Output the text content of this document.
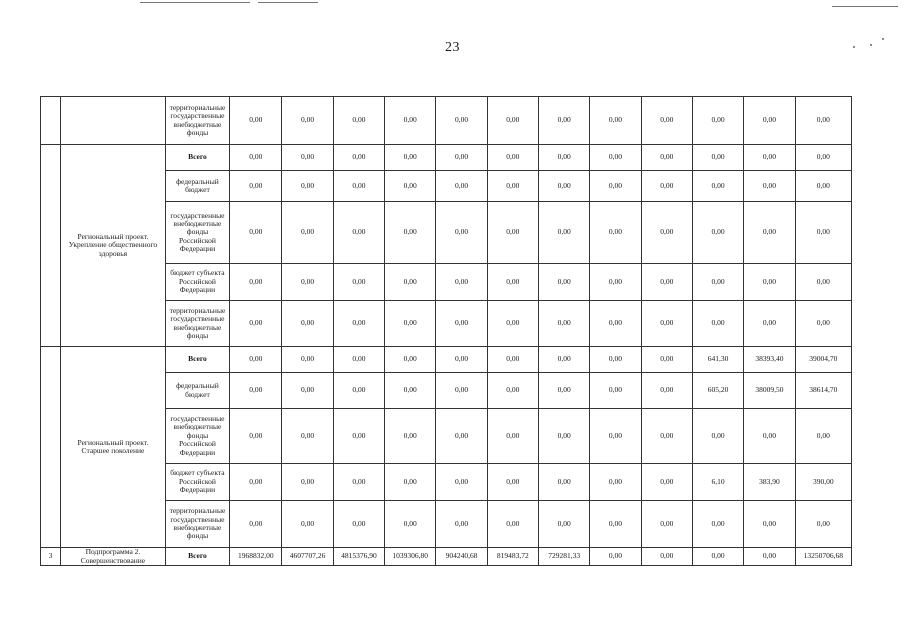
23
		территориальные государственные внебюджетные фонды	0,00	0,00	0,00	0,00	0,00	0,00	0,00	0,00	0,00	0,00	0,00	0,00
	Региональный проект. Укрепление общественного здоровья	Всего	0,00	0,00	0,00	0,00	0,00	0,00	0,00	0,00	0,00	0,00	0,00	0,00
		федеральный бюджет	0,00	0,00	0,00	0,00	0,00	0,00	0,00	0,00	0,00	0,00	0,00	0,00
		государственные внебюджетные фонды Российской Федерации	0,00	0,00	0,00	0,00	0,00	0,00	0,00	0,00	0,00	0,00	0,00	0,00
		бюджет субъекта Российской Федерации	0,00	0,00	0,00	0,00	0,00	0,00	0,00	0,00	0,00	0,00	0,00	0,00
		территориальные государственные внебюджетные фонды	0,00	0,00	0,00	0,00	0,00	0,00	0,00	0,00	0,00	0,00	0,00	0,00
	Региональный проект. Старшее поколение	Всего	0,00	0,00	0,00	0,00	0,00	0,00	0,00	0,00	0,00	641,30	38393,40	39004,70
		федеральный бюджет	0,00	0,00	0,00	0,00	0,00	0,00	0,00	0,00	0,00	605,20	38009,50	38614,70
		государственные внебюджетные фонды Российской Федерации	0,00	0,00	0,00	0,00	0,00	0,00	0,00	0,00	0,00	0,00	0,00	0,00
		бюджет субъекта Российской Федерации	0,00	0,00	0,00	0,00	0,00	0,00	0,00	0,00	0,00	6,10	383,90	390,00
		территориальные государственные внебюджетные фонды	0,00	0,00	0,00	0,00	0,00	0,00	0,00	0,00	0,00	0,00	0,00	0,00
3	Подпрограмма 2. Совершенствование	Всего	1968832,00	4607707,26	4815376,90	1039306,80	904240,68	819483,72	729281,33	0,00	0,00	0,00	0,00	13250706,68
